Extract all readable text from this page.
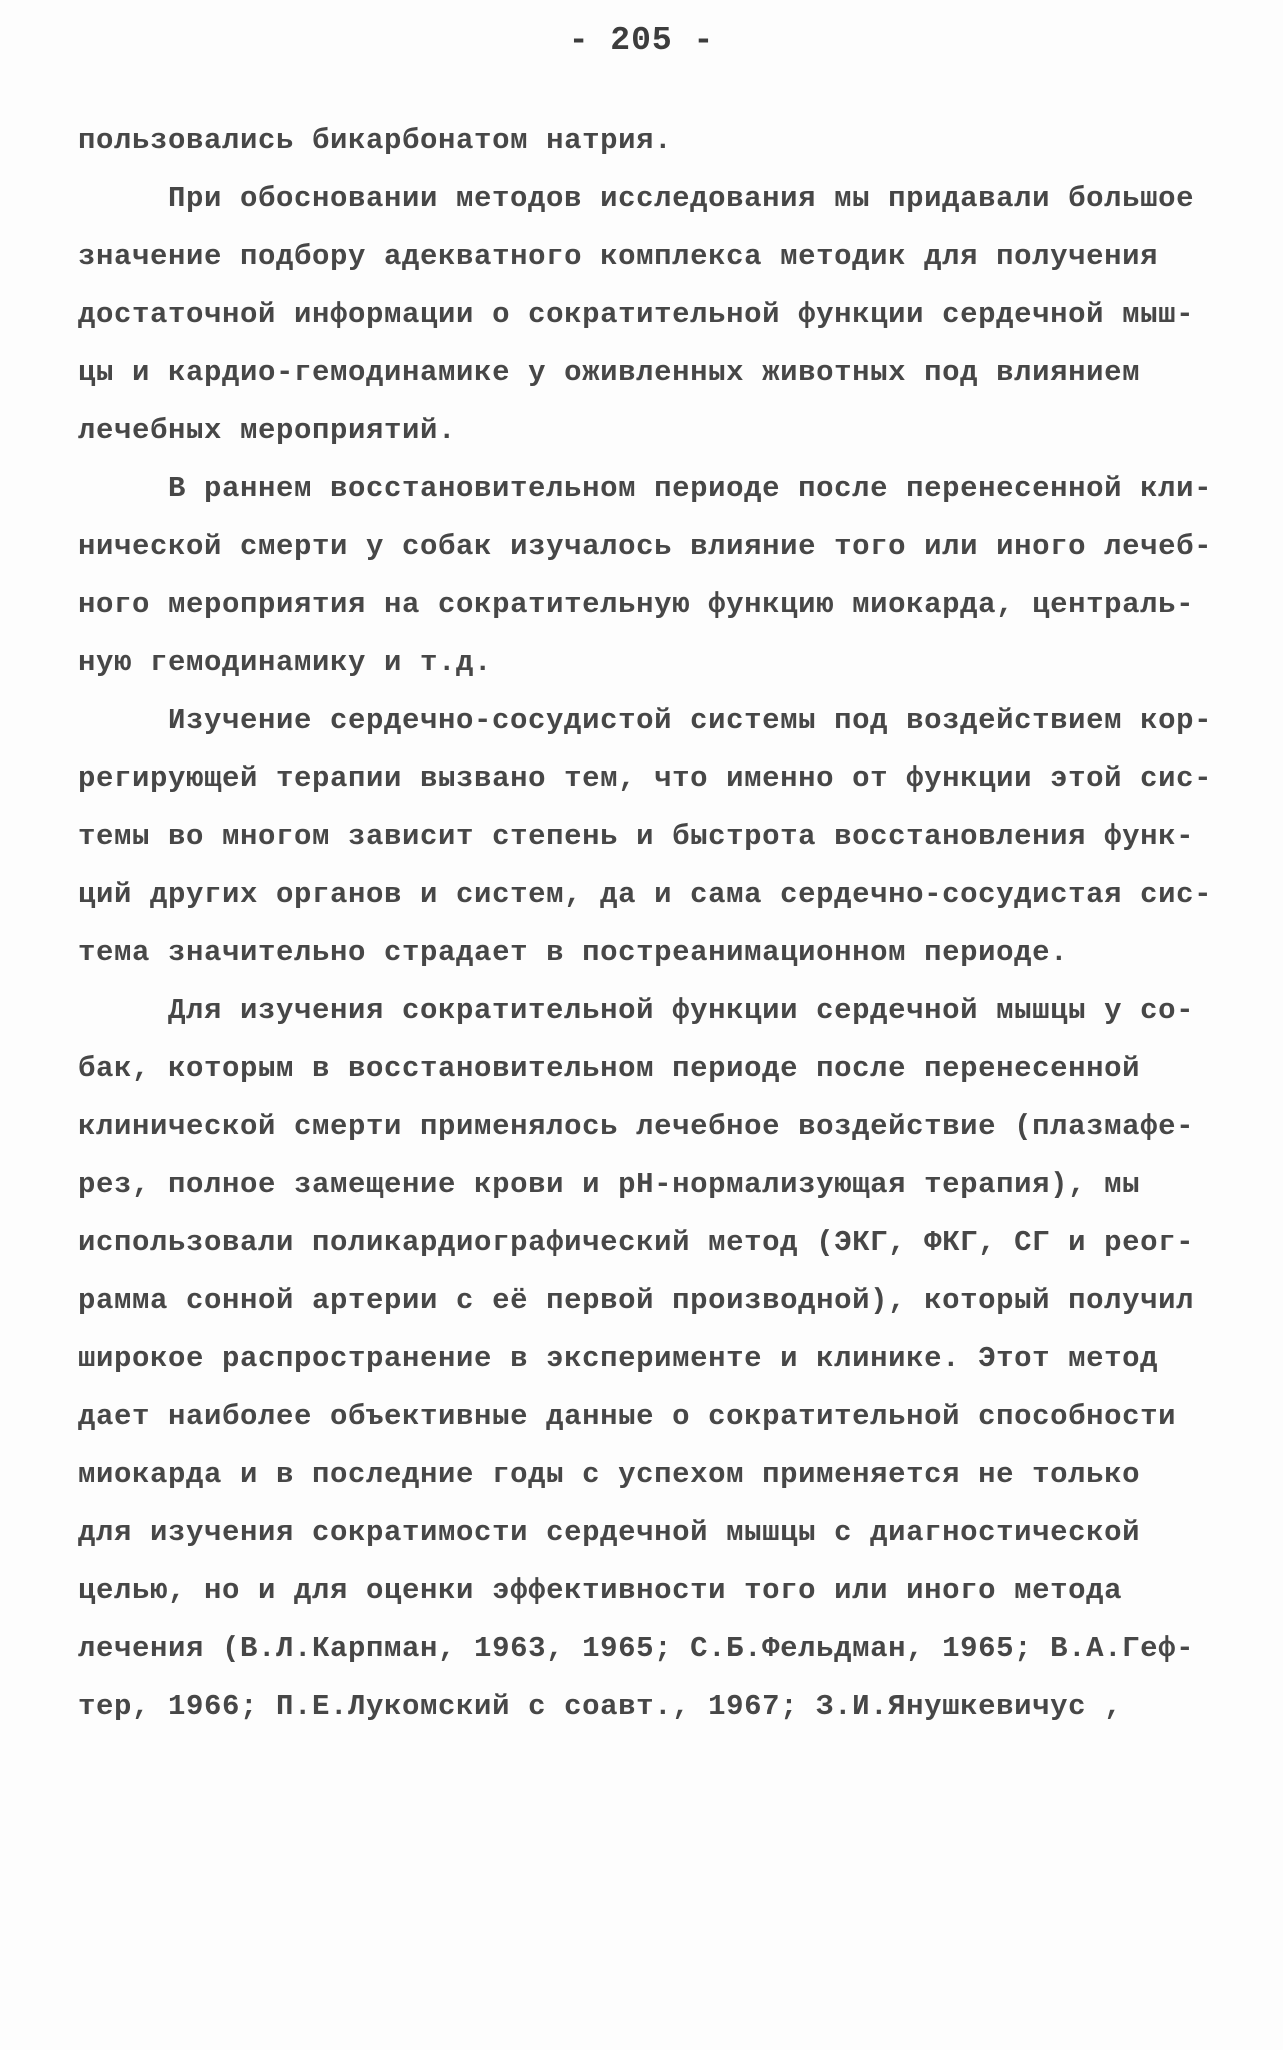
- 205 -
пользовались бикарбонатом натрия.
При обосновании методов исследования мы придавали большое
значение подбору адекватного комплекса методик для получения
достаточной информации о сократительной функции сердечной мыш-
цы и кардио-гемодинамике у оживленных животных под влиянием
лечебных мероприятий.
В раннем восстановительном периоде после перенесенной кли-
нической смерти у собак изучалось влияние того или иного лечеб-
ного мероприятия на сократительную функцию миокарда, централь-
ную гемодинамику и т.д.
Изучение сердечно-сосудистой системы под воздействием кор-
регирующей терапии вызвано тем, что именно от функции этой сис-
темы во многом зависит степень и быстрота восстановления функ-
ций других органов и систем, да и сама сердечно-сосудистая сис-
тема значительно страдает в постреанимационном периоде.
Для изучения сократительной функции сердечной мышцы у со-
бак, которым в восстановительном периоде после перенесенной
клинической смерти применялось лечебное воздействие (плазмафе-
рез, полное замещение крови и рН-нормализующая терапия), мы
использовали поликардиографический метод (ЭКГ, ФКГ, СГ и реог-
рамма сонной артерии с её первой производной), который получил
широкое распространение в эксперименте и клинике. Этот метод
дает наиболее объективные данные о сократительной способности
миокарда и в последние годы с успехом применяется не только
для изучения сократимости сердечной мышцы с диагностической
целью, но и для оценки эффективности того или иного метода
лечения (В.Л.Карпман, 1963, 1965; С.Б.Фельдман, 1965; В.А.Геф-
тер, 1966; П.Е.Лукомский с соавт., 1967; З.И.Янушкевичус ,
